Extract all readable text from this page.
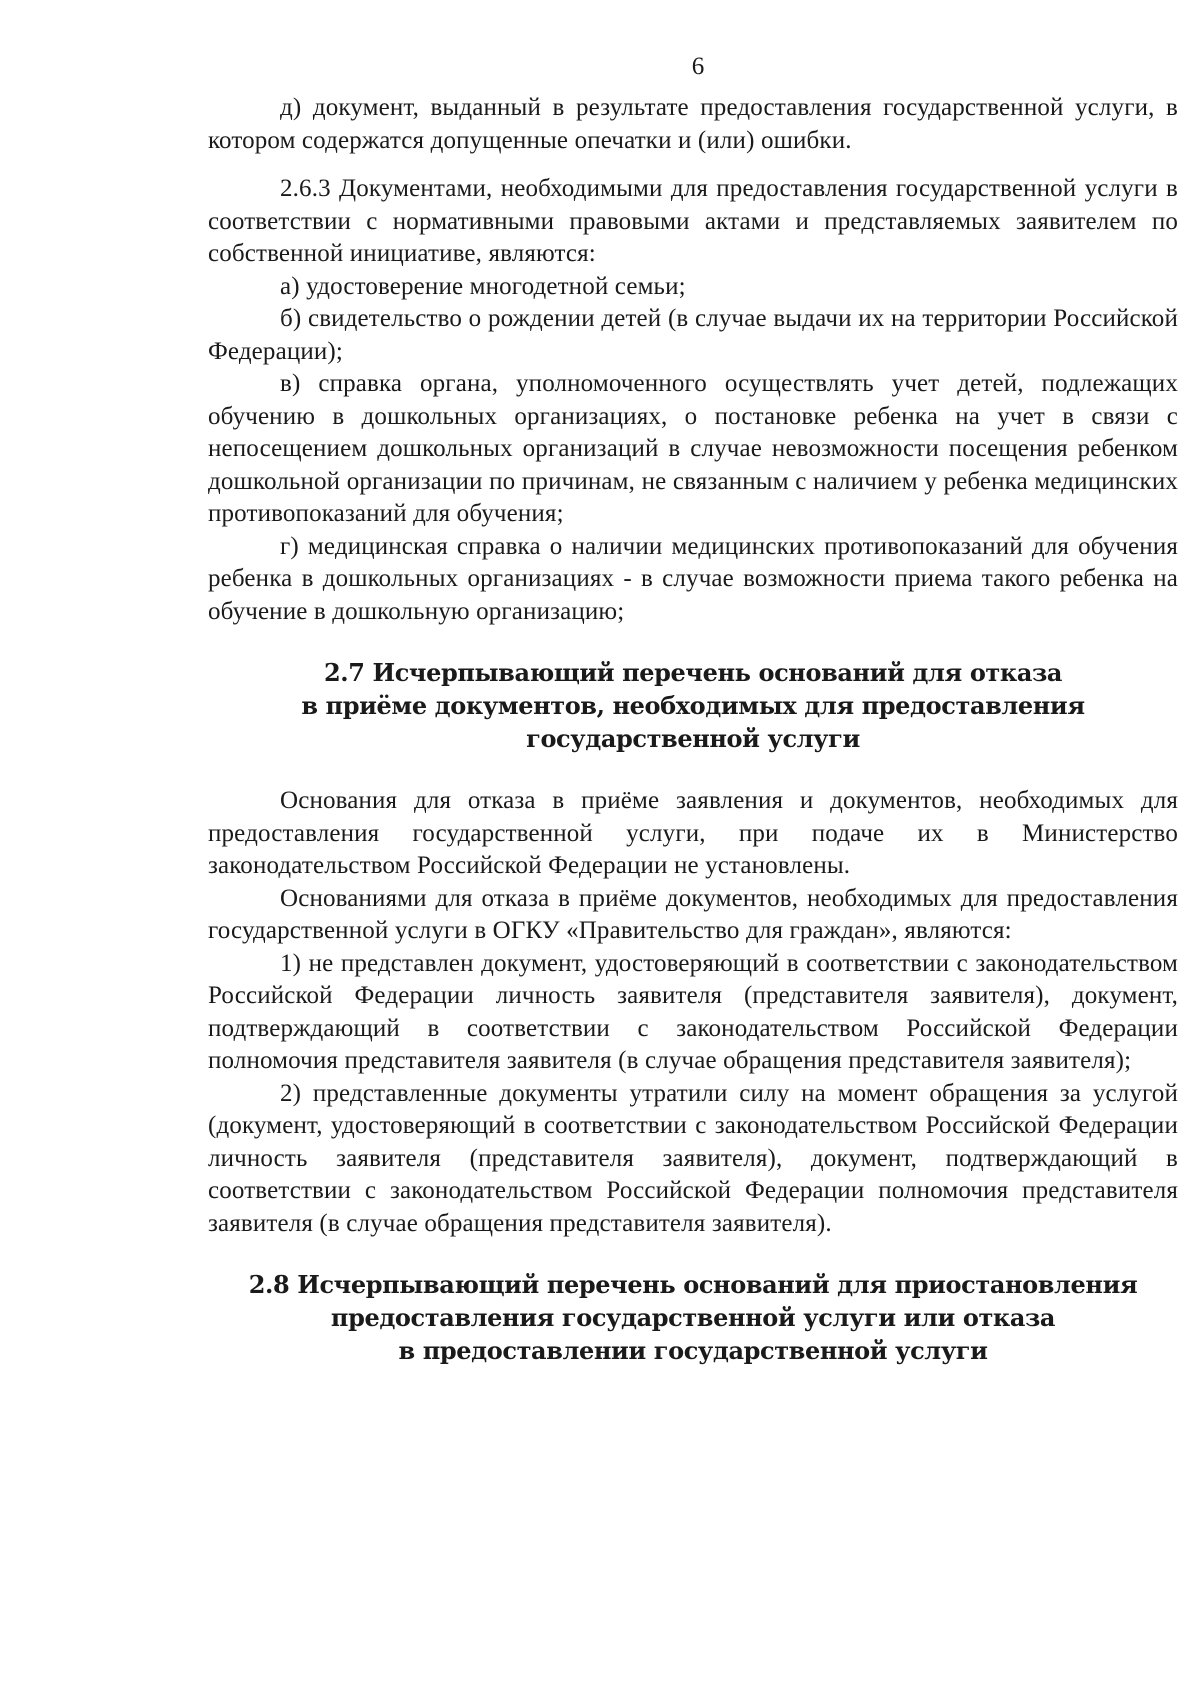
6

д) документ, выданный в результате предоставления государственной услуги, в котором содержатся допущенные опечатки и (или) ошибки.

2.6.3 Документами, необходимыми для предоставления государственной услуги в соответствии с нормативными правовыми актами и представляемых заявителем по собственной инициативе, являются:

а) удостоверение многодетной семьи;

б) свидетельство о рождении детей (в случае выдачи их на территории Российской Федерации);

в) справка органа, уполномоченного осуществлять учет детей, подлежащих обучению в дошкольных организациях, о постановке ребенка на учет в связи с непосещением дошкольных организаций в случае невозможности посещения ребенком дошкольной организации по причинам, не связанным с наличием у ребенка медицинских противопоказаний для обучения;

г) медицинская справка о наличии медицинских противопоказаний для обучения ребенка в дошкольных организациях - в случае возможности приема такого ребенка на обучение в дошкольную организацию;

2.7 Исчерпывающий перечень оснований для отказа
в приёме документов, необходимых для предоставления
государственной услуги

Основания для отказа в приёме заявления и документов, необходимых для предоставления государственной услуги, при подаче их в Министерство законодательством Российской Федерации не установлены.

Основаниями для отказа в приёме документов, необходимых для предоставления государственной услуги в ОГКУ «Правительство для граждан», являются:

1) не представлен документ, удостоверяющий в соответствии с законодательством Российской Федерации личность заявителя (представителя заявителя), документ, подтверждающий в соответствии с законодательством Российской Федерации полномочия представителя заявителя (в случае обращения представителя заявителя);

2) представленные документы утратили силу на момент обращения за услугой (документ, удостоверяющий в соответствии с законодательством Российской Федерации личность заявителя (представителя заявителя), документ, подтверждающий в соответствии с законодательством Российской Федерации полномочия представителя заявителя (в случае обращения представителя заявителя).

2.8 Исчерпывающий перечень оснований для приостановления
предоставления государственной услуги или отказа
в предоставлении государственной услуги
